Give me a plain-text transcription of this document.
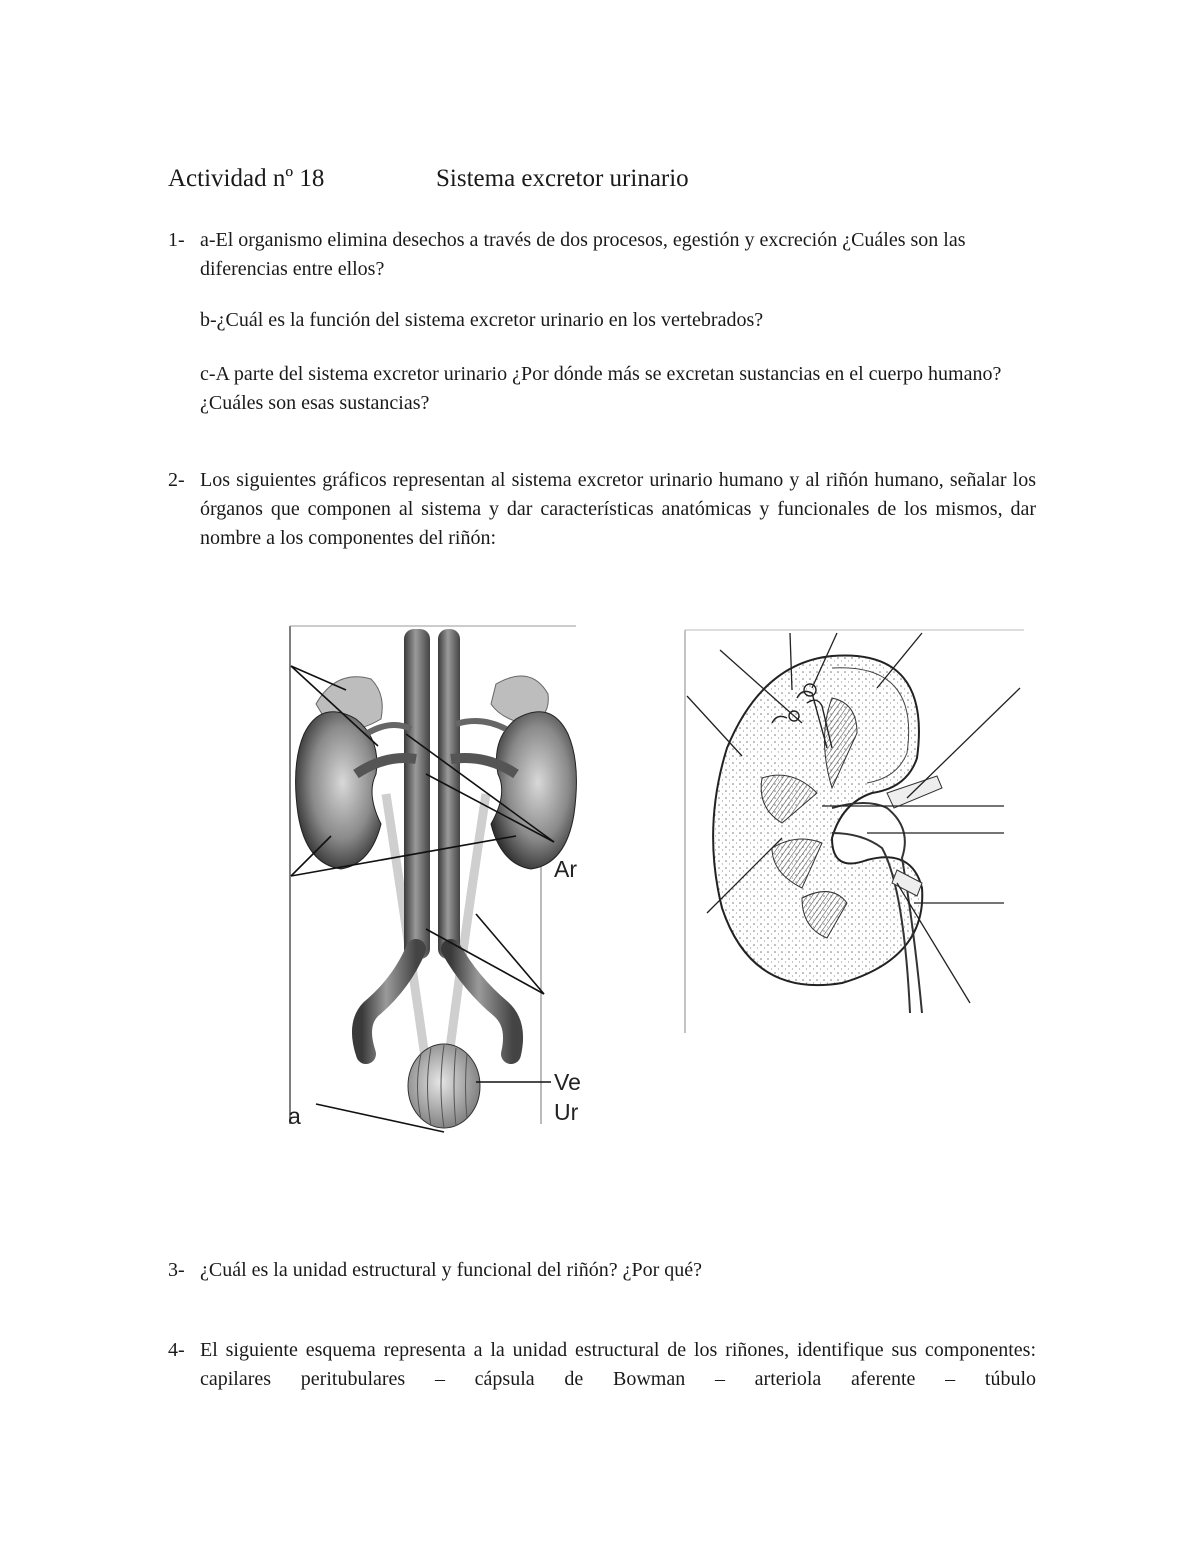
Actividad nº 18	Sistema excretor urinario
1- a-El organismo elimina desechos a través de dos procesos, egestión y excreción ¿Cuáles son las diferencias entre ellos?
b-¿Cuál es la función del sistema excretor urinario en los vertebrados?
c-A parte del sistema excretor urinario ¿Por dónde más se excretan sustancias en el cuerpo humano? ¿Cuáles son esas sustancias?
2- Los siguientes gráficos representan al sistema excretor urinario humano y al riñón humano, señalar los órganos que componen al sistema y dar características anatómicas y funcionales de los mismos, dar nombre a los componentes del riñón:
Ar
Ve
Ur
a
3- ¿Cuál es la unidad estructural y funcional del riñón? ¿Por qué?
4- El siguiente esquema representa a la unidad estructural de los riñones, identifique sus componentes: capilares peritubulares – cápsula de Bowman – arteriola aferente – túbulo
